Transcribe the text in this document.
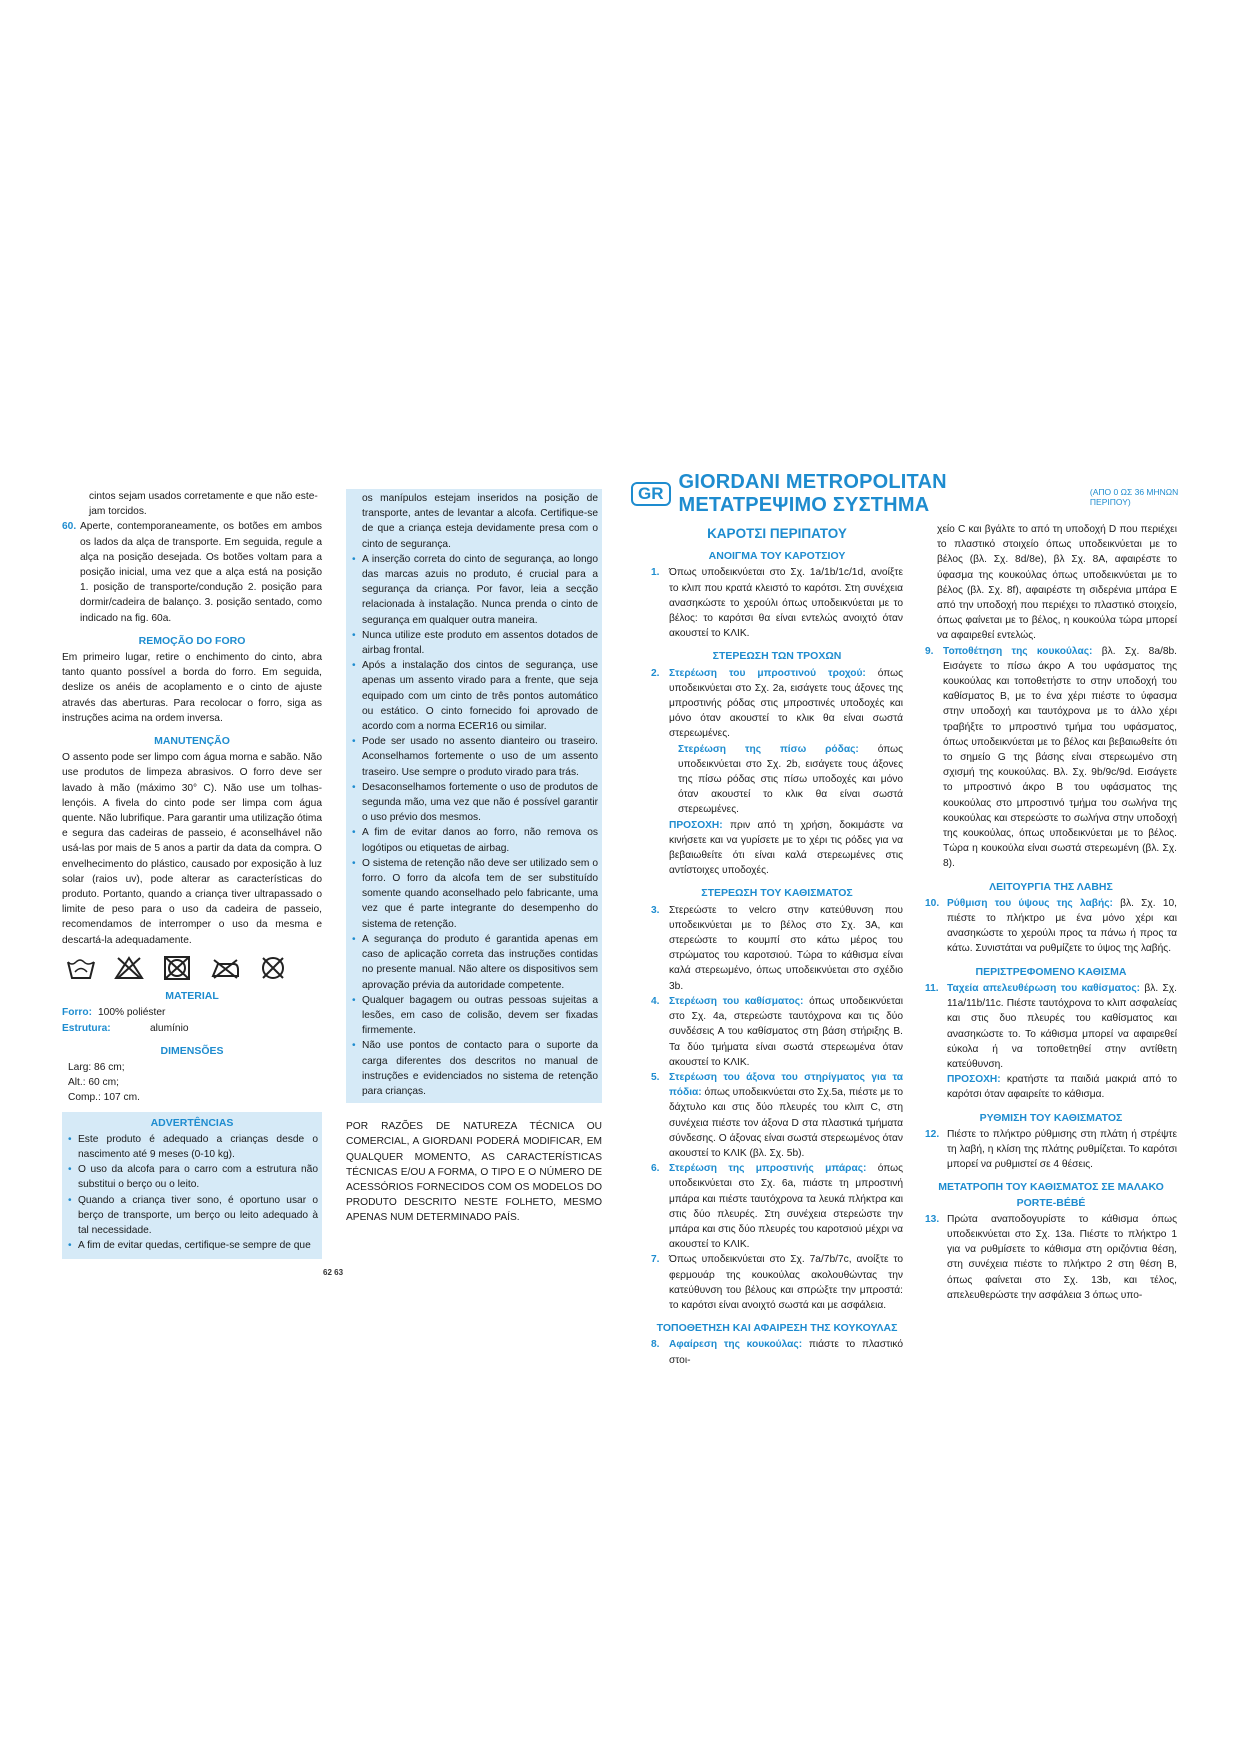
cintos sejam usados corretamente e que não este-
jam torcidos.
60. Aperte, contemporaneamente, os botões em ambos os lados da alça de transporte. Em seguida, regule a alça na posição desejada. Os botões voltam para a posição inicial, uma vez que a alça está na posição 1. posição de transporte/condução 2. posição para dormir/cadeira de balanço. 3. posição sentado, como indicado na fig. 60a.
REMOÇÃO DO FORO

Em primeiro lugar, retire o enchimento do cinto, abra tanto quanto possível a borda do forro. Em seguida, deslize os anéis de acoplamento e o cinto de ajuste através das aberturas. Para recolocar o forro, siga as instruções acima na ordem inversa.

MANUTENÇÃO

O assento pode ser limpo com água morna e sabão. Não use produtos de limpeza abrasivos. O forro deve ser lavado à mão (máximo 30° C). Não use um tolhas-lençóis. A fivela do cinto pode ser limpa com água quente. Não lubrifique. Para garantir uma utilização ótima e segura das cadeiras de passeio, é aconselhável não usá-las por mais de 5 anos a partir da data da compra. O envelhecimento do plástico, causado por exposição à luz solar (raios uv), pode alterar as características do produto. Portanto, quando a criança tiver ultrapassado o limite de peso para o uso da cadeira de passeio, recomendamos de interromper o uso da mesma e descartá-la adequadamente.

MATERIAL
Forro: 100% poliéster
Estrutura:	alumínio
DIMENSÕES
Larg: 86 cm;
Alt.: 60 cm;
Comp.: 107 cm.
ADVERTÊNCIAS
• Este produto é adequado a crianças desde o nascimento até 9 meses (0-10 kg).
• O uso da alcofa para o carro com a estrutura não substitui o berço ou o leito.
• Quando a criança tiver sono, é oportuno usar o berço de transporte, um berço ou leito adequado à tal necessidade.
• A fim de evitar quedas, certifique-se sempre de que

os manípulos estejam inseridos na posição de transporte, antes de levantar a alcofa. Certifique-se de que a criança esteja devidamente presa com o cinto de segurança.

• A inserção correta do cinto de segurança, ao longo das marcas azuis no produto, é crucial para a segurança da criança. Por favor, leia a secção relacionada à instalação. Nunca prenda o cinto de segurança em qualquer outra maneira.
• Nunca utilize este produto em assentos dotados de airbag frontal.
• Após a instalação dos cintos de segurança, use apenas um assento virado para a frente, que seja equipado com um cinto de três pontos automático ou estático. O cinto fornecido foi aprovado de acordo com a norma ECER16 ou similar.
• Pode ser usado no assento dianteiro ou traseiro. Aconselhamos fortemente o uso de um assento traseiro. Use sempre o produto virado para trás.
• Desaconselhamos fortemente o uso de produtos de segunda mão, uma vez que não é possível garantir o uso prévio dos mesmos.
• A fim de evitar danos ao forro, não remova os logótipos ou etiquetas de airbag.
• O sistema de retenção não deve ser utilizado sem o forro. O forro da alcofa tem de ser substituído somente quando aconselhado pelo fabricante, uma vez que é parte integrante do desempenho do sistema de retenção.
• A segurança do produto é garantida apenas em caso de aplicação correta das instruções contidas no presente manual. Não altere os dispositivos sem aprovação prévia da autoridade competente.
• Qualquer bagagem ou outras pessoas sujeitas a lesões, em caso de colisão, devem ser fixadas firmemente.
• Não use pontos de contacto para o suporte da carga diferentes dos descritos no manual de instruções e evidenciados no sistema de retenção para crianças.

POR RAZÕES DE NATUREZA TÉCNICA OU COMERCIAL, A GIORDANI PODERÁ MODIFICAR, EM QUALQUER MOMENTO, AS CARACTERÍSTICAS TÉCNICAS E/OU A FORMA, O TIPO E O NÚMERO DE ACESSÓRIOS FORNECIDOS COM OS MODELOS DO PRODUTO DESCRITO NESTE FOLHETO, MESMO APENAS NUM DETERMINADO PAÍS.

62 63
GR
GIORDANI METROPOLITAN ΜΕΤΑΤΡΕΨΙΜΟ ΣΥΣΤΗΜΑ
(ΑΠΟ 0 ΩΣ 36 ΜΗΝΩΝ ΠΕΡΙΠΟΥ)
ΚΑΡΟΤΣΙ ΠΕΡΙΠΑΤΟΥ
ΑΝΟΙΓΜΑ ΤΟΥ ΚΑΡΟΤΣΙΟΥ
1. Όπως υποδεικνύεται στο Σχ. 1a/1b/1c/1d, ανοίξτε το κλιπ που κρατά κλειστό το καρότσι. Στη συνέχεια ανασηκώστε το χερούλι όπως υποδεικνύεται με το βέλος: το καρότσι θα είναι εντελώς ανοιχτό όταν ακουστεί το ΚΛΙΚ.
ΣΤΕΡΕΩΣΗ ΤΩΝ ΤΡΟΧΩΝ
2. Στερέωση του μπροστινού τροχού: όπως υποδεικνύεται στο Σχ. 2a, εισάγετε τους άξονες της μπροστινής ρόδας στις μπροστινές υποδοχές και μόνο όταν ακουστεί το κλικ θα είναι σωστά στερεωμένες.

Στερέωση της πίσω ρόδας: όπως υποδεικνύεται στο Σχ. 2b, εισάγετε τους άξονες της πίσω ρόδας στις πίσω υποδοχές και μόνο όταν ακουστεί το κλικ θα είναι σωστά στερεωμένες.

ΠΡΟΣΟΧΗ: πριν από τη χρήση, δοκιμάστε να κινήσετε και να γυρίσετε με το χέρι τις ρόδες για να βεβαιωθείτε ότι είναι καλά στερεωμένες στις αντίστοιχες υποδοχές.

ΣΤΕΡΕΩΣΗ ΤΟΥ ΚΑΘΙΣΜΑΤΟΣ
3. Στερεώστε το velcro στην κατεύθυνση που υποδεικνύεται με το βέλος στο Σχ. 3A, και στερεώστε το κουμπί στο κάτω μέρος του στρώματος του καροτσιού. Τώρα το κάθισμα είναι καλά στερεωμένο, όπως υποδεικνύεται στο σχέδιο 3b.
4. Στερέωση του καθίσματος: όπως υποδεικνύεται στο Σχ. 4a, στερεώστε ταυτόχρονα και τις δύο συνδέσεις Α του καθίσματος στη βάση στήριξης Β. Τα δύο τμήματα είναι σωστά στερεωμένα όταν ακουστεί το ΚΛΙΚ.
5. Στερέωση του άξονα του στηρίγματος για τα πόδια: όπως υποδεικνύεται στο Σχ.5a, πιέστε με το δάχτυλο και στις δύο πλευρές του κλιπ C, στη συνέχεια πιέστε τον άξονα D στα πλαστικά τμήματα σύνδεσης. Ο άξονας είναι σωστά στερεωμένος όταν ακουστεί το ΚΛΙΚ (βλ. Σχ. 5b).
6. Στερέωση της μπροστινής μπάρας: όπως υποδεικνύεται στο Σχ. 6a, πιάστε τη μπροστινή μπάρα και πιέστε ταυτόχρονα τα λευκά πλήκτρα και στις δύο πλευρές. Στη συνέχεια στερεώστε την μπάρα και στις δύο πλευρές του καροτσιού μέχρι να ακουστεί το ΚΛΙΚ.
7. Όπως υποδεικνύεται στο Σχ. 7a/7b/7c, ανοίξτε το φερμουάρ της κουκούλας ακολουθώντας την κατεύθυνση του βέλους και σπρώξτε την μπροστά: το καρότσι είναι ανοιχτό σωστά και με ασφάλεια.
ΤΟΠΟΘΕΤΗΣΗ ΚΑΙ ΑΦΑΙΡΕΣΗ ΤΗΣ ΚΟΥΚΟΥΛΑΣ
8. Αφαίρεση της κουκούλας: πιάστε το πλαστικό στοι-

χείο C και βγάλτε το από τη υποδοχή D που περιέχει το πλαστικό στοιχείο όπως υποδεικνύεται με το βέλος (βλ. Σχ. 8d/8e), βλ Σχ. 8A, αφαιρέστε το ύφασμα της κουκούλας όπως υποδεικνύεται με το βέλος (βλ. Σχ. 8f), αφαιρέστε τη σιδερένια μπάρα Ε από την υποδοχή που περιέχει το πλαστικό στοιχείο, όπως φαίνεται με το βέλος, η κουκούλα τώρα μπορεί να αφαιρεθεί εντελώς.

9. Τοποθέτηση της κουκούλας: βλ. Σχ. 8a/8b. Εισάγετε το πίσω άκρο Α του υφάσματος της κουκούλας και τοποθετήστε το στην υποδοχή του καθίσματος Β, με το ένα χέρι πιέστε το ύφασμα στην υποδοχή και ταυτόχρονα με το άλλο χέρι τραβήξτε το μπροστινό τμήμα του υφάσματος, όπως υποδεικνύεται με το βέλος και βεβαιωθείτε ότι το σημείο G της βάσης είναι στερεωμένο στη σχισμή της κουκούλας. Βλ. Σχ. 9b/9c/9d. Εισάγετε το μπροστινό άκρο Β του υφάσματος της κουκούλας στο μπροστινό τμήμα του σωλήνα της κουκούλας και στερεώστε το σωλήνα στην υποδοχή της κουκούλας, όπως υποδεικνύεται με το βέλος. Τώρα η κουκούλα είναι σωστά στερεωμένη (βλ. Σχ. 8).
ΛΕΙΤΟΥΡΓΙΑ ΤΗΣ ΛΑΒΗΣ
10. Ρύθμιση του ύψους της λαβής: βλ. Σχ. 10, πιέστε το πλήκτρο με ένα μόνο χέρι και ανασηκώστε το χερούλι προς τα πάνω ή προς τα κάτω. Συνιστάται να ρυθμίζετε το ύψος της λαβής.
ΠΕΡΙΣΤΡΕΦΟΜΕΝΟ ΚΑΘΙΣΜΑ
11. Ταχεία απελευθέρωση του καθίσματος: βλ. Σχ. 11a/11b/11c. Πιέστε ταυτόχρονα το κλιπ ασφαλείας και στις δυο πλευρές του καθίσματος και ανασηκώστε το. Το κάθισμα μπορεί να αφαιρεθεί εύκολα ή να τοποθετηθεί στην αντίθετη κατεύθυνση.

ΠΡΟΣΟΧΗ: κρατήστε τα παιδιά μακριά από το καρότσι όταν αφαιρείτε το κάθισμα.

ΡΥΘΜΙΣΗ ΤΟΥ ΚΑΘΙΣΜΑΤΟΣ
12. Πιέστε το πλήκτρο ρύθμισης στη πλάτη ή στρέψτε τη λαβή, η κλίση της πλάτης ρυθμίζεται. Το καρότσι μπορεί να ρυθμιστεί σε 4 θέσεις.
ΜΕΤΑΤΡΟΠΗ ΤΟΥ ΚΑΘΙΣΜΑΤΟΣ ΣΕ ΜΑΛΑΚΟ
PORTE-BÉBÉ
13. Πρώτα αναποδογυρίστε το κάθισμα όπως υποδεικνύεται στο Σχ. 13a. Πιέστε το πλήκτρο 1 για να ρυθμίσετε το κάθισμα στη οριζόντια θέση, στη συνέχεια πιέστε το πλήκτρο 2 στη θέση Β, όπως φαίνεται στο Σχ. 13b, και τέλος, απελευθερώστε την ασφάλεια 3 όπως υπο-
